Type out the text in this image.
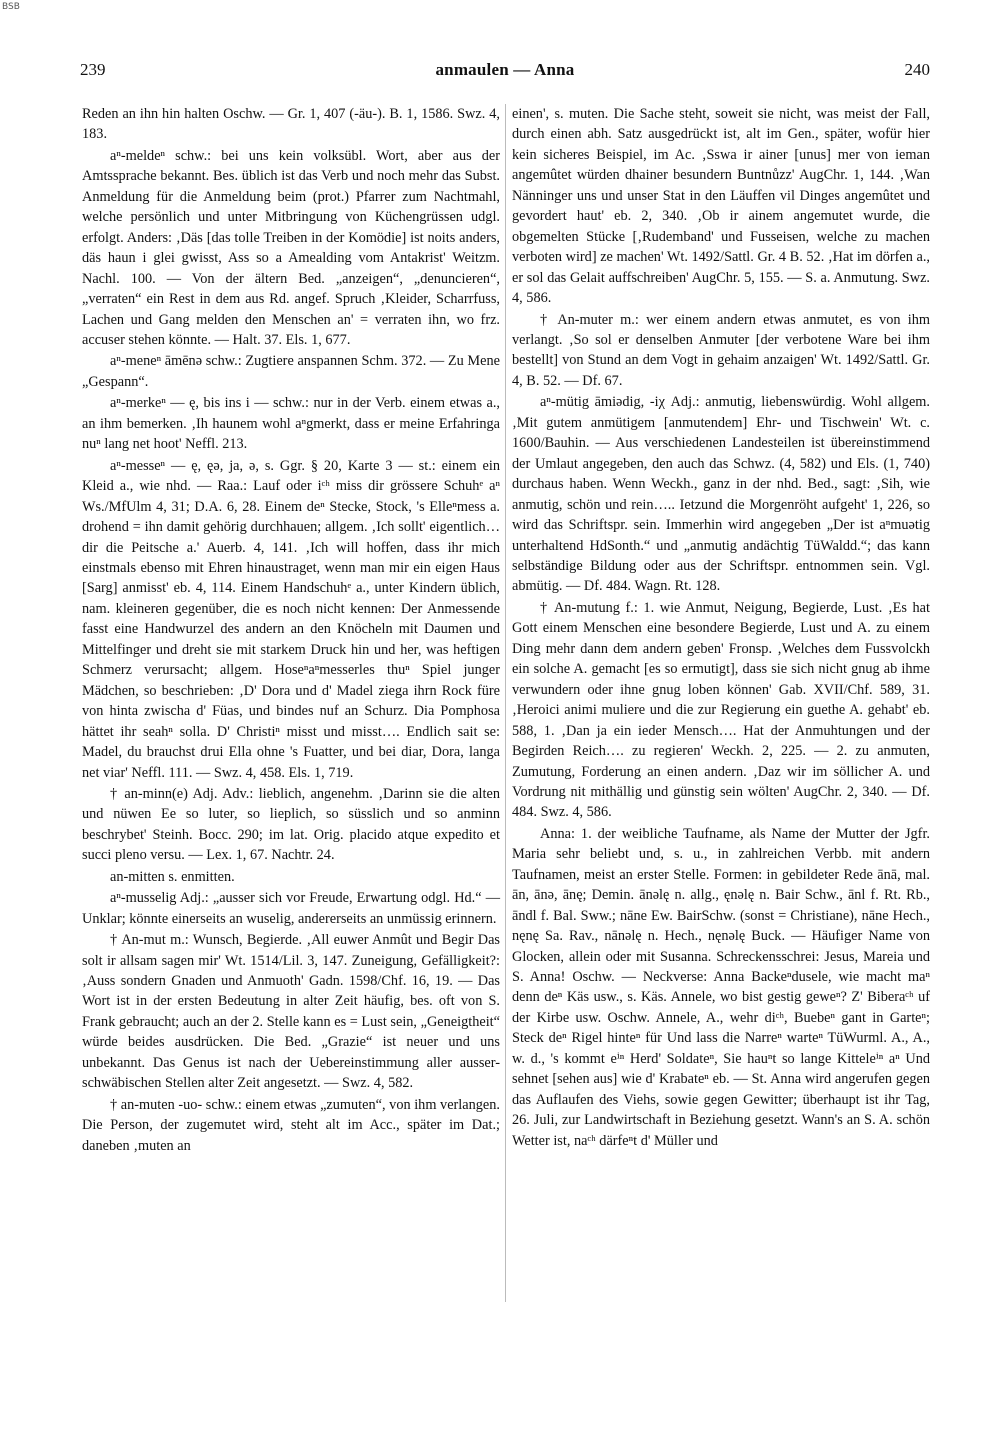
BSB
239	anmaulen — Anna	240

Reden an ihn hin halten Oschw. — Gr. 1, 407 (-äu-). B. 1, 1586. Swz. 4, 183.

aⁿ-meldeⁿ schw.: bei uns kein volksübl. Wort, aber aus der Amtssprache bekannt. Bes. üblich ist das Verb und noch mehr das Subst. Anmeldung für die Anmeldung beim (prot.) Pfarrer zum Nachtmahl, welche persönlich und unter Mitbringung von Küchengrüssen udgl. erfolgt. Anders: ‚Däs [das tolle Treiben in der Komödie] ist noits anders, däs haun i glei gwisst, Ass so a Amealding vom Antakrist' Weitzm. Nachl. 100. — Von der ältern Bed. „anzeigen“, „denuncieren“, „verraten“ ein Rest in dem aus Rd. angef. Spruch ‚Kleider, Scharrfuss, Lachen und Gang melden den Menschen an' = verraten ihn, wo frz. accuser stehen könnte. — Halt. 37. Els. 1, 677.

aⁿ-meneⁿ āmēnə schw.: Zugtiere anspannen Schm. 372. — Zu Mene „Gespann“.

aⁿ-merkeⁿ — ę, bis ins i — schw.: nur in der Verb. einem etwas a., an ihm bemerken. ‚Ih haunem wohl aⁿgmerkt, dass er meine Erfahringa nuⁿ lang net hoot' Neffl. 213.

aⁿ-messeⁿ — ę, ęə, ja, ə, s. Ggr. § 20, Karte 3 — st.: einem ein Kleid a., wie nhd. — Raa.: Lauf oder iᶜʰ miss dir grössere Schuhᵉ aⁿ Ws./MfUlm 4, 31; D.A. 6, 28. Einem deⁿ Stecke, Stock, 's Elleⁿmess a. drohend = ihn damit gehörig durchhauen; allgem. ‚Ich sollt' eigentlich… dir die Peitsche a.' Auerb. 4, 141. ‚Ich will hoffen, dass ihr mich einstmals ebenso mit Ehren hinaustraget, wenn man mir ein eigen Haus [Sarg] anmisst' eb. 4, 114. Einem Handschuhᵉ a., unter Kindern üblich, nam. kleineren gegenüber, die es noch nicht kennen: Der Anmessende fasst eine Handwurzel des andern an den Knöcheln mit Daumen und Mittelfinger und dreht sie mit starkem Druck hin und her, was heftigen Schmerz verursacht; allgem. Hoseⁿaⁿmesserles thuⁿ Spiel junger Mädchen, so beschrieben: ‚D' Dora und d' Madel ziega ihrn Rock füre von hinta zwischa d' Füas, und bindes nuf an Schurz. Dia Pomphosa hättet ihr seahⁿ solla. D' Christiⁿ misst und misst…. Endlich sait se: Madel, du brauchst drui Ella ohne 's Fuatter, und bei diar, Dora, langa net viar' Neffl. 111. — Swz. 4, 458. Els. 1, 719.

† an-minn(e) Adj. Adv.: lieblich, angenehm. ‚Darinn sie die alten und nüwen Ee so luter, so lieplich, so süsslich und so anminn beschrybet' Steinh. Bocc. 290; im lat. Orig. placido atque expedito et succi pleno versu. — Lex. 1, 67. Nachtr. 24.

an-mitten s. enmitten.

aⁿ-musselig Adj.: „ausser sich vor Freude, Erwartung odgl. Hd.“ — Unklar; könnte einerseits an wuselig, andererseits an unmüssig erinnern.

† An-mut m.: Wunsch, Begierde. ‚All euwer Anmût und Begir Das solt ir allsam sagen mir' Wt. 1514/Lil. 3, 147. Zuneigung, Gefälligkeit?: ‚Auss sondern Gnaden und Anmuoth' Gadn. 1598/Chf. 16, 19. — Das Wort ist in der ersten Bedeutung in alter Zeit häufig, bes. oft von S. Frank gebraucht; auch an der 2. Stelle kann es = Lust sein, „Geneigtheit“ würde beides ausdrücken. Die Bed. „Grazie“ ist neuer und uns unbekannt. Das Genus ist nach der Uebereinstimmung aller ausser-schwäbischen Stellen alter Zeit angesetzt. — Swz. 4, 582.

† an-muten -uo- schw.: einem etwas „zumuten“, von ihm verlangen. Die Person, der zugemutet wird, steht alt im Acc., später im Dat.; daneben ‚muten an

einen', s. muten. Die Sache steht, soweit sie nicht, was meist der Fall, durch einen abh. Satz ausgedrückt ist, alt im Gen., später, wofür hier kein sicheres Beispiel, im Ac. ‚Sswa ir ainer [unus] mer von ieman angemûtet würden dhainer besundern Buntnůzz' AugChr. 1, 144. ‚Wan Nänninger uns und unser Stat in den Läuffen vil Dinges angemûtet und gevordert haut' eb. 2, 340. ‚Ob ir ainem angemutet wurde, die obgemelten Stücke [‚Rudemband' und Fusseisen, welche zu machen verboten wird] ze machen' Wt. 1492/Sattl. Gr. 4 B. 52. ‚Hat im dörfen a., er sol das Gelait auffschreiben' AugChr. 5, 155. — S. a. Anmutung. Swz. 4, 586.

† An-muter m.: wer einem andern etwas anmutet, es von ihm verlangt. ‚So sol er denselben Anmuter [der verbotene Ware bei ihm bestellt] von Stund an dem Vogt in gehaim anzaigen' Wt. 1492/Sattl. Gr. 4, B. 52. — Df. 67.

aⁿ-mütig āmiədig, -iχ Adj.: anmutig, liebenswürdig. Wohl allgem. ‚Mit gutem anmütigem [anmutendem] Ehr- und Tischwein' Wt. c. 1600/Bauhin. — Aus verschiedenen Landesteilen ist übereinstimmend der Umlaut angegeben, den auch das Schwz. (4, 582) und Els. (1, 740) durchaus haben. Wenn Weckh., ganz in der nhd. Bed., sagt: ‚Sih, wie anmutig, schön und rein….. Ietzund die Morgenröht aufgeht' 1, 226, so wird das Schriftspr. sein. Immerhin wird angegeben „Der ist aⁿmuətig unterhaltend HdSonth.“ und „anmutig andächtig TüWaldd.“; das kann selbständige Bildung oder aus der Schriftspr. entnommen sein. Vgl. abmütig. — Df. 484. Wagn. Rt. 128.

† An-mutung f.: 1. wie Anmut, Neigung, Begierde, Lust. ‚Es hat Gott einem Menschen eine besondere Begierde, Lust und A. zu einem Ding mehr dann dem andern geben' Fronsp. ‚Welches dem Fussvolckh ein solche A. gemacht [es so ermutigt], dass sie sich nicht gnug ab ihme verwundern oder ihne gnug loben können' Gab. XVII/Chf. 589, 31. ‚Heroici animi muliere und die zur Regierung ein guethe A. gehabt' eb. 588, 1. ‚Dan ja ein ieder Mensch…. Hat der Anmuhtungen und der Begirden Reich…. zu regieren' Weckh. 2, 225. — 2. zu anmuten, Zumutung, Forderung an einen andern. ‚Daz wir im söllicher A. und Vordrung nit mithällig und günstig sein wölten' AugChr. 2, 340. — Df. 484. Swz. 4, 586.

Anna: 1. der weibliche Taufname, als Name der Mutter der Jgfr. Maria sehr beliebt und, s. u., in zahlreichen Verbb. mit andern Taufnamen, meist an erster Stelle. Formen: in gebildeter Rede ānā, mal. ān, ānə, ānę; Demin. ānəlę n. allg., ęnəlę n. Bair Schw., ānl f. Rt. Rb., āndl f. Bal. Sww.; nāne Ew. BairSchw. (sonst = Christiane), nāne Hech., nęnę Sa. Rav., nānəlę n. Hech., nęnəlę Buck. — Häufiger Name von Glocken, allein oder mit Susanna. Schreckensschrei: Jesus, Mareia und S. Anna! Oschw. — Neckverse: Anna Backeⁿdusele, wie macht maⁿ denn deⁿ Käs usw., s. Käs. Annele, wo bist gestig geweⁿ? Z' Biberaᶜʰ uf der Kirbe usw. Oschw. Annele, A., wehr diᶜʰ, Buebeⁿ gant in Garteⁿ; Steck deⁿ Rigel hinteⁿ für Und lass die Narreⁿ warteⁿ TüWurml. A., A., w. d., 's kommt eⁱⁿ Herd' Soldateⁿ, Sie hauⁿt so lange Kitteleⁱⁿ aⁿ Und sehnet [sehen aus] wie d' Krabateⁿ eb. — St. Anna wird angerufen gegen das Auflaufen des Viehs, sowie gegen Gewitter; überhaupt ist ihr Tag, 26. Juli, zur Landwirtschaft in Beziehung gesetzt. Wann's an S. A. schön Wetter ist, naᶜʰ därfeⁿt d' Müller und
